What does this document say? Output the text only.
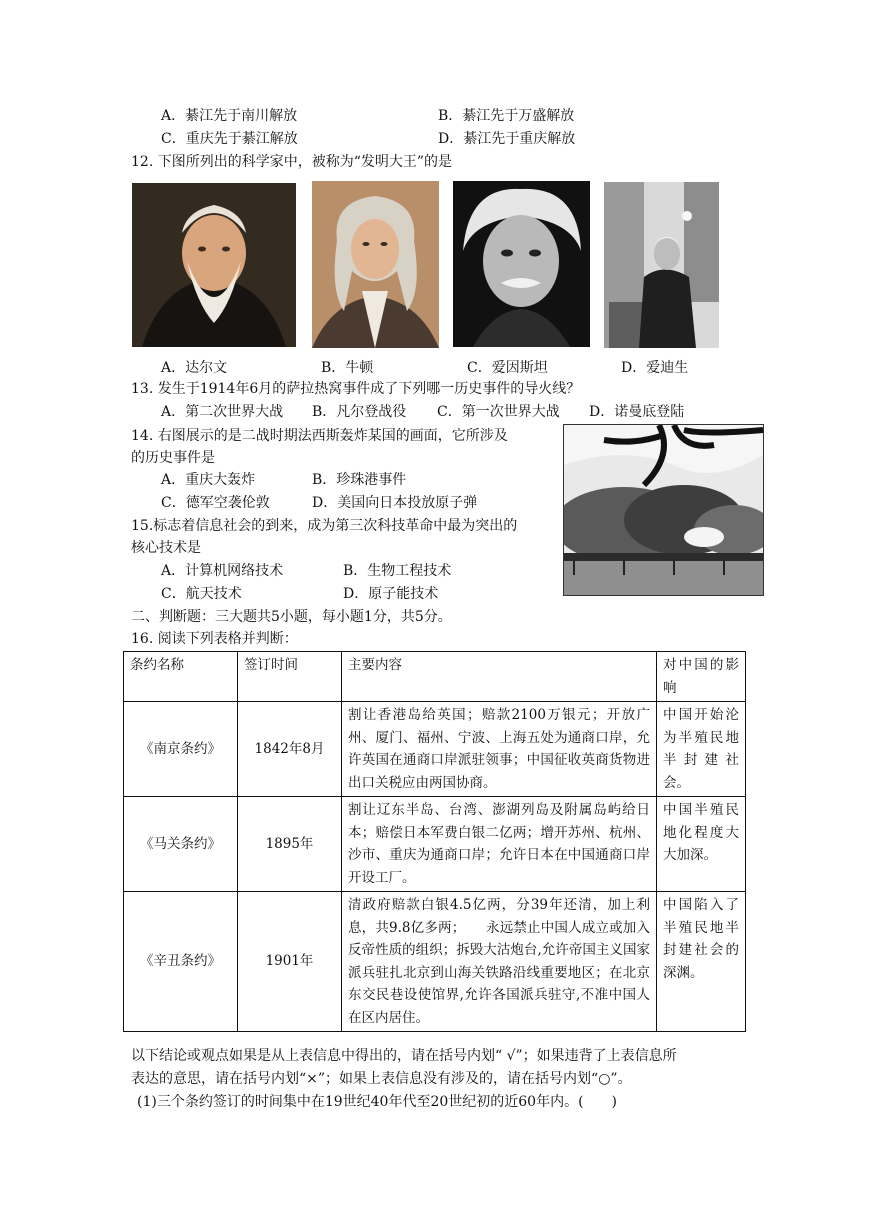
A．綦江先于南川解放	B．綦江先于万盛解放
C．重庆先于綦江解放	D．綦江先于重庆解放
12. 下图所列出的科学家中，被称为“发明大王”的是
A．达尔文	B．牛顿	C．爱因斯坦	D．爱迪生
13. 发生于1914年6月的萨拉热窝事件成了下列哪一历史事件的导火线？
A．第二次世界大战 B．凡尔登战役 C．第一次世界大战 D．诺曼底登陆
14. 右图展示的是二战时期法西斯轰炸某国的画面，它所涉及
的历史事件是
A．重庆大轰炸	B．珍珠港事件
C．德军空袭伦敦	D．美国向日本投放原子弹
15.标志着信息社会的到来，成为第三次科技革命中最为突出的
核心技术是
A．计算机网络技术	B．生物工程技术
C．航天技术	D．原子能技术
二、判断题：三大题共5小题，每小题1分，共5分。
16. 阅读下列表格并判断：
条约名称	签订时间	主要内容	对中国的影响
《南京条约》	1842年8月	割让香港岛给英国；赔款2100万银元；开放广州、厦门、福州、宁波、上海五处为通商口岸，允许英国在通商口岸派驻领事；中国征收英商货物进出口关税应由两国协商。	中国开始沦为半殖民地半封建社会。
《马关条约》	1895年	割让辽东半岛、台湾、澎湖列岛及附属岛屿给日本；赔偿日本军费白银二亿两；增开苏州、杭州、沙市、重庆为通商口岸；允许日本在中国通商口岸开设工厂。	中国半殖民地化程度大大加深。
《辛丑条约》	1901年	清政府赔款白银4.5亿两，分39年还清，加上利息，共9.8亿多两；　　永远禁止中国人成立或加入反帝性质的组织；拆毁大沽炮台,允许帝国主义国家派兵驻扎北京到山海关铁路沿线重要地区；在北京东交民巷设使馆界,允许各国派兵驻守,不准中国人在区内居住。	中国陷入了半殖民地半封建社会的深渊。
以下结论或观点如果是从上表信息中得出的，请在括号内划“ √”；如果违背了上表信息所
表达的意思，请在括号内划“×”；如果上表信息没有涉及的，请在括号内划“○”。
(1)三个条约签订的时间集中在19世纪40年代至20世纪初的近60年内。(　　)
